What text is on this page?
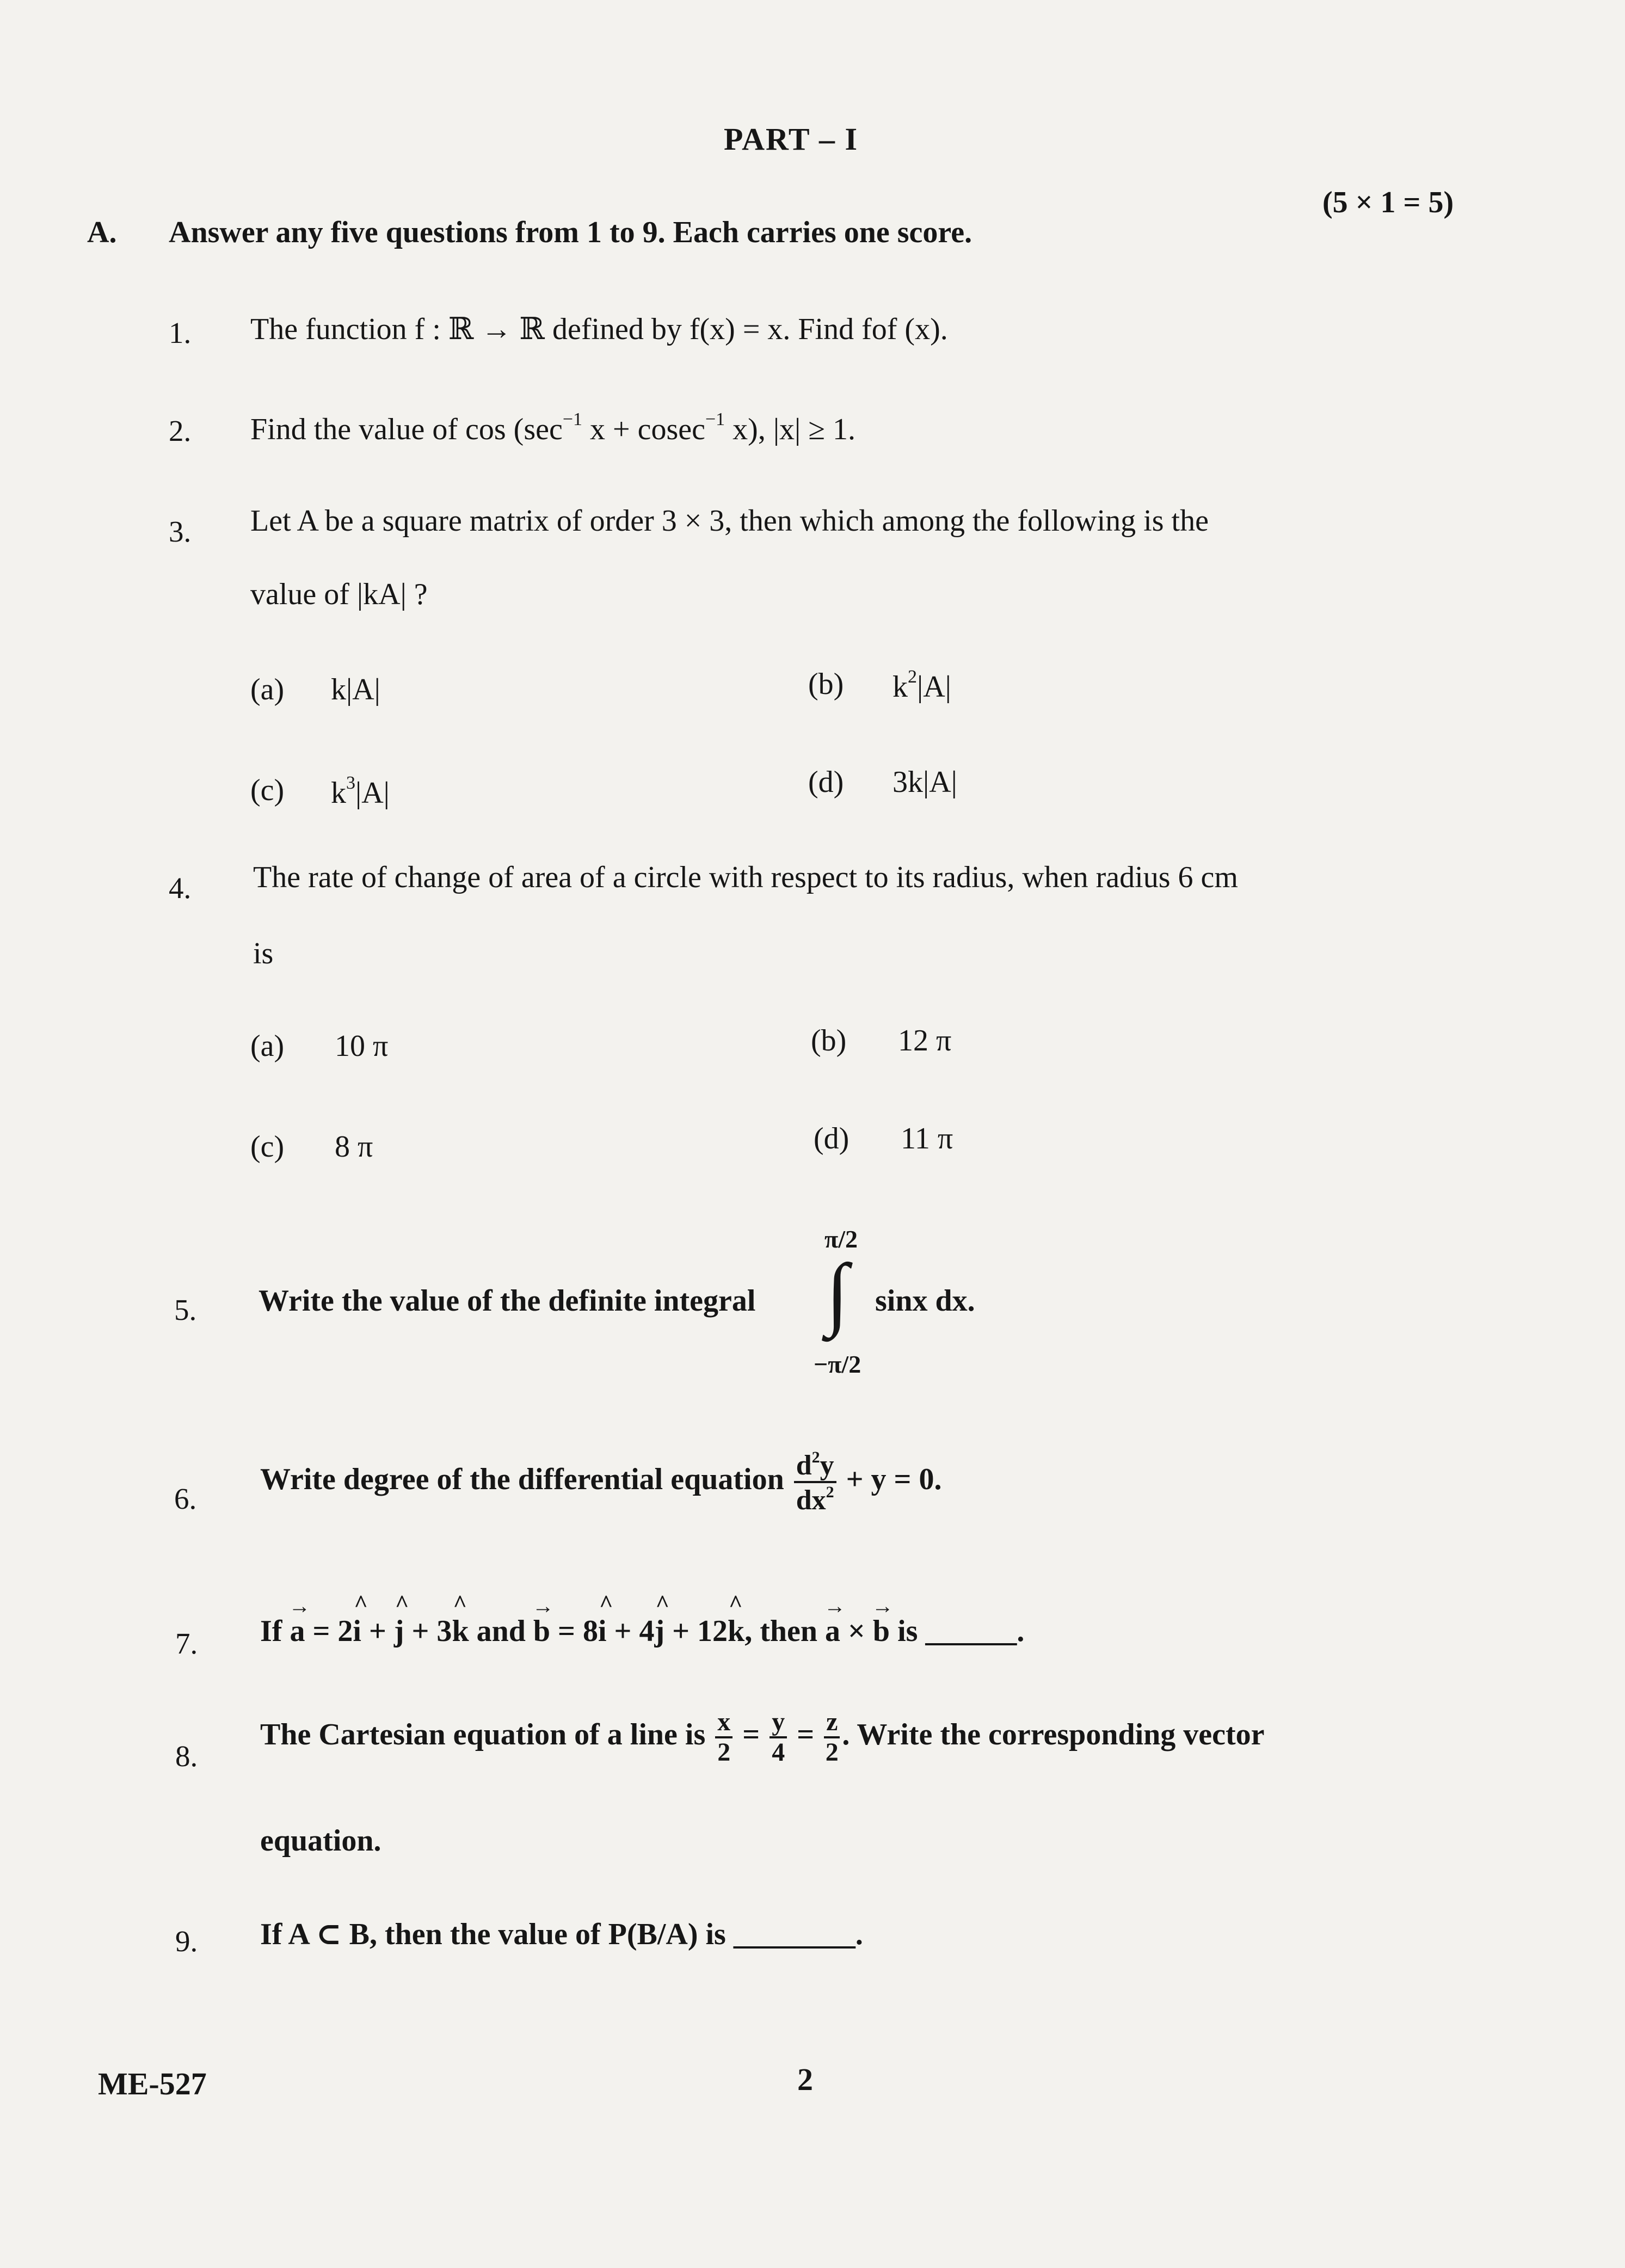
PART – I
A. Answer any five questions from 1 to 9. Each carries one score.
(5 × 1 = 5)
1. The function f : ℝ → ℝ defined by f(x) = x. Find fof (x).
2. Find the value of $\cos (\sec^{-1}$ x + cosec$^{-1}$ x), |x| ≥ 1.
3. Let A be a square matrix of order 3 × 3, then which among the following is the
value of |kA| ?
(a) k|A|	(b) $k^2|A|$
(c) $k^3|A|$	(d) 3k|A|
4. The rate of change of area of a circle with respect to its radius, when radius 6 cm
is
(a) 10 π	(b) 12 π
(c) 8 π	(d) 11 π
5. Write the value of the definite integral
π/2
∫
−π/2
sinx dx.
6.
Write degree of the differential equation $\frac{d^2y}{dx^2} + y = 0$.
7. If → a = 2^ i + ^ j + 3^ k and → b = 8^ i + 4^ j + 12^ k, then → a × → b is ______.
8.
The Cartesian equation of a line is $\frac{x}{2} = \frac{y}{4} = \frac{z}{2}$ . Write the corresponding vector
equation.
9. If A ⊂ B, then the value of P(B/A) is ________.
ME-527	2
